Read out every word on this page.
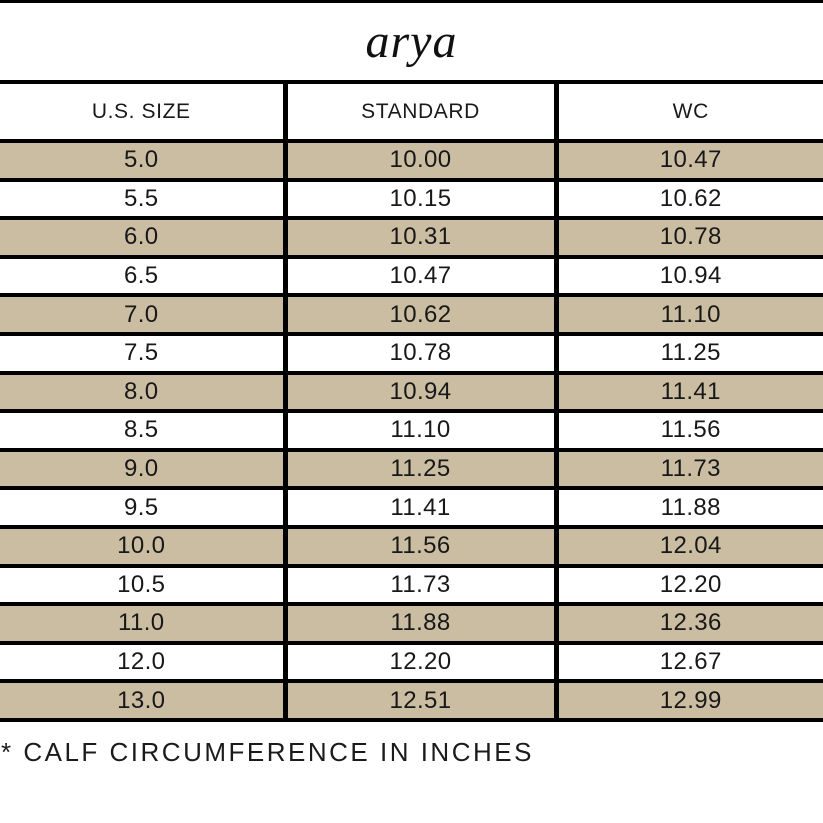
arya
U.S. SIZE	STANDARD	WC
5.0	10.00	10.47
5.5	10.15	10.62
6.0	10.31	10.78
6.5	10.47	10.94
7.0	10.62	11.10
7.5	10.78	11.25
8.0	10.94	11.41
8.5	11.10	11.56
9.0	11.25	11.73
9.5	11.41	11.88
10.0	11.56	12.04
10.5	11.73	12.20
11.0	11.88	12.36
12.0	12.20	12.67
13.0	12.51	12.99
* CALF CIRCUMFERENCE IN INCHES
